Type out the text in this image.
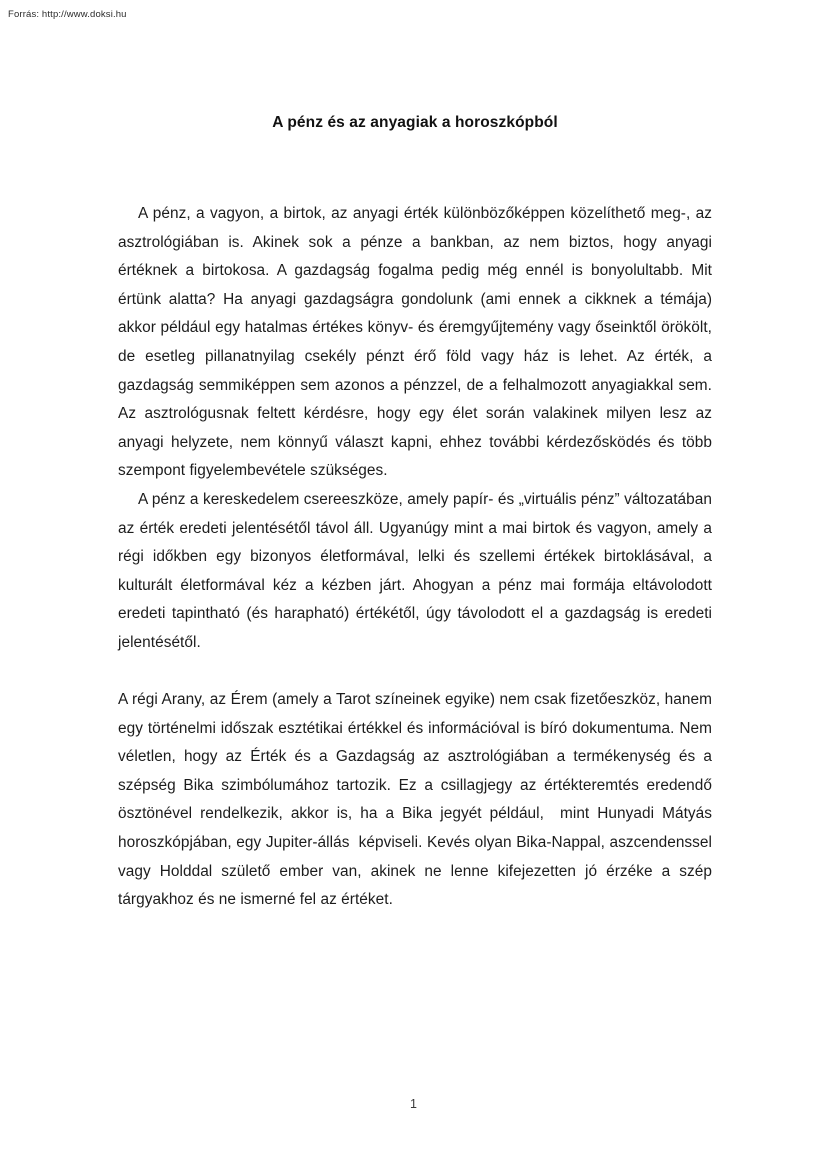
Forrás: http://www.doksi.hu
A pénz és az anyagiak a horoszkópból

A pénz, a vagyon, a birtok, az anyagi érték különbözőképpen közelíthető meg-, az asztrológiában is. Akinek sok a pénze a bankban, az nem biztos, hogy anyagi értéknek a birtokosa. A gazdagság fogalma pedig még ennél is bonyolultabb. Mit értünk alatta? Ha anyagi gazdagságra gondolunk (ami ennek a cikknek a témája) akkor például egy hatalmas értékes könyv- és éremgyűjtemény vagy őseinktől örökölt, de esetleg pillanatnyilag csekély pénzt érő föld vagy ház is lehet. Az érték, a gazdagság semmiképpen sem azonos a pénzzel, de a felhalmozott anyagiakkal sem. Az asztrológusnak feltett kérdésre, hogy egy élet során valakinek milyen lesz az anyagi helyzete, nem könnyű választ kapni, ehhez további kérdezősködés és több szempont figyelembevétele szükséges.

A pénz a kereskedelem csereeszköze, amely papír- és „virtuális pénz” változatában az érték eredeti jelentésétől távol áll. Ugyanúgy mint a mai birtok és vagyon, amely a régi időkben egy bizonyos életformával, lelki és szellemi értékek birtoklásával, a kulturált életformával kéz a kézben járt. Ahogyan a pénz mai formája eltávolodott eredeti tapintható (és harapható) értékétől, úgy távolodott el a gazdagság is eredeti jelentésétől.

A régi Arany, az Érem (amely a Tarot színeinek egyike) nem csak fizetőeszköz, hanem egy történelmi időszak esztétikai értékkel és információval is bíró dokumentuma. Nem véletlen, hogy az Érték és a Gazdagság az asztrológiában a termékenység és a szépség Bika szimbólumához tartozik. Ez a csillagjegy az értékteremtés eredendő ösztönével rendelkezik, akkor is, ha a Bika jegyét például,  mint Hunyadi Mátyás horoszkópjában, egy Jupiter-állás  képviseli. Kevés olyan Bika-Nappal, aszcendenssel vagy Holddal születő ember van, akinek ne lenne kifejezetten jó érzéke a szép tárgyakhoz és ne ismerné fel az értéket.

1
